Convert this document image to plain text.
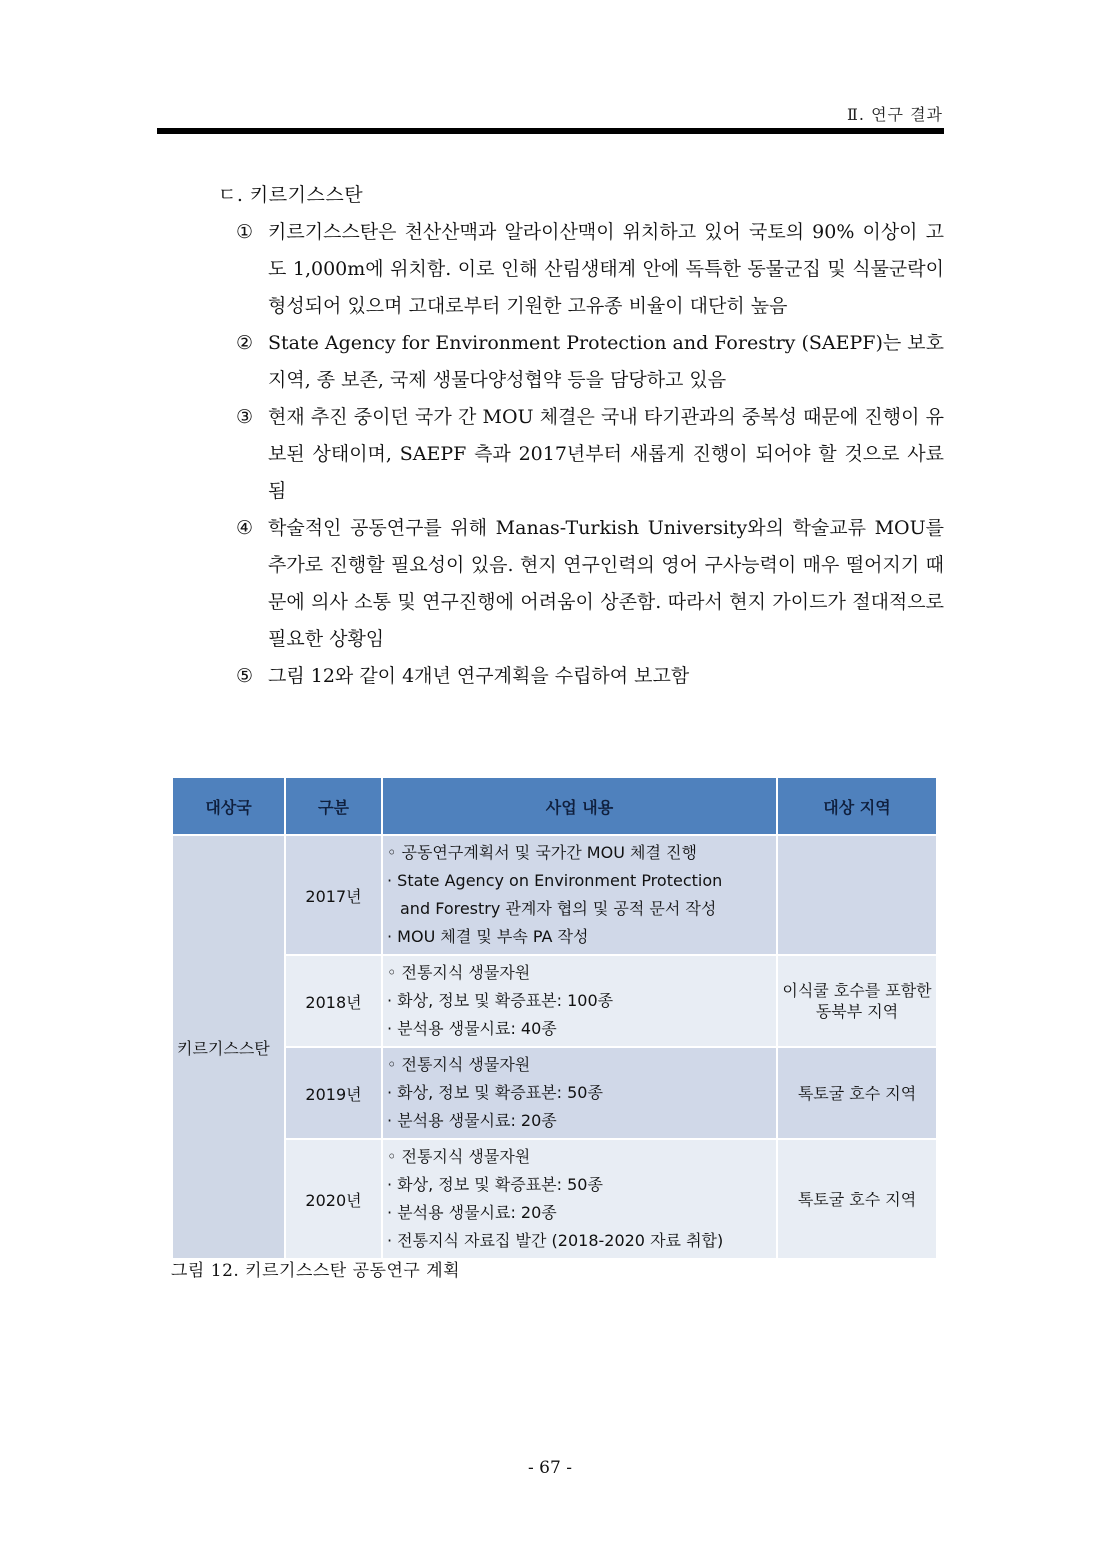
Ⅱ. 연구 결과
ㄷ. 키르기스스탄
① 키르기스스탄은 천산산맥과 알라이산맥이 위치하고 있어 국토의 90% 이상이 고도 1,000m에 위치함. 이로 인해 산림생태계 안에 독특한 동물군집 및 식물군락이 형성되어 있으며 고대로부터 기원한 고유종 비율이 대단히 높음
② State Agency for Environment Protection and Forestry (SAEPF)는 보호지역, 종 보존, 국제 생물다양성협약 등을 담당하고 있음
③ 현재 추진 중이던 국가 간 MOU 체결은 국내 타기관과의 중복성 때문에 진행이 유보된 상태이며, SAEPF 측과 2017년부터 새롭게 진행이 되어야 할 것으로 사료됨
④ 학술적인 공동연구를 위해 Manas-Turkish University와의 학술교류 MOU를 추가로 진행할 필요성이 있음. 현지 연구인력의 영어 구사능력이 매우 떨어지기 때문에 의사 소통 및 연구진행에 어려움이 상존함. 따라서 현지 가이드가 절대적으로 필요한 상황임
⑤ 그림 12와 같이 4개년 연구계획을 수립하여 보고함
대상국	구분	사업 내용	대상 지역
키르기스스탄	2017년	◦ 공동연구계획서 및 국가간 MOU 체결 진행
· State Agency on Environment Protection
and Forestry 관계자 협의 및 공적 문서 작성
· MOU 체결 및 부속 PA 작성	

	2018년	◦ 전통지식 생물자원
· 화상, 정보 및 확증표본: 100종
· 분석용 생물시료: 40종	이식쿨 호수를 포함한 동북부 지역
	2019년	◦ 전통지식 생물자원
· 화상, 정보 및 확증표본: 50종
· 분석용 생물시료: 20종	톡토굴 호수 지역
	2020년	◦ 전통지식 생물자원
· 화상, 정보 및 확증표본: 50종
· 분석용 생물시료: 20종
· 전통지식 자료집 발간 (2018-2020 자료 취합)	톡토굴 호수 지역
그림 12. 키르기스스탄 공동연구 계획
- 67 -
